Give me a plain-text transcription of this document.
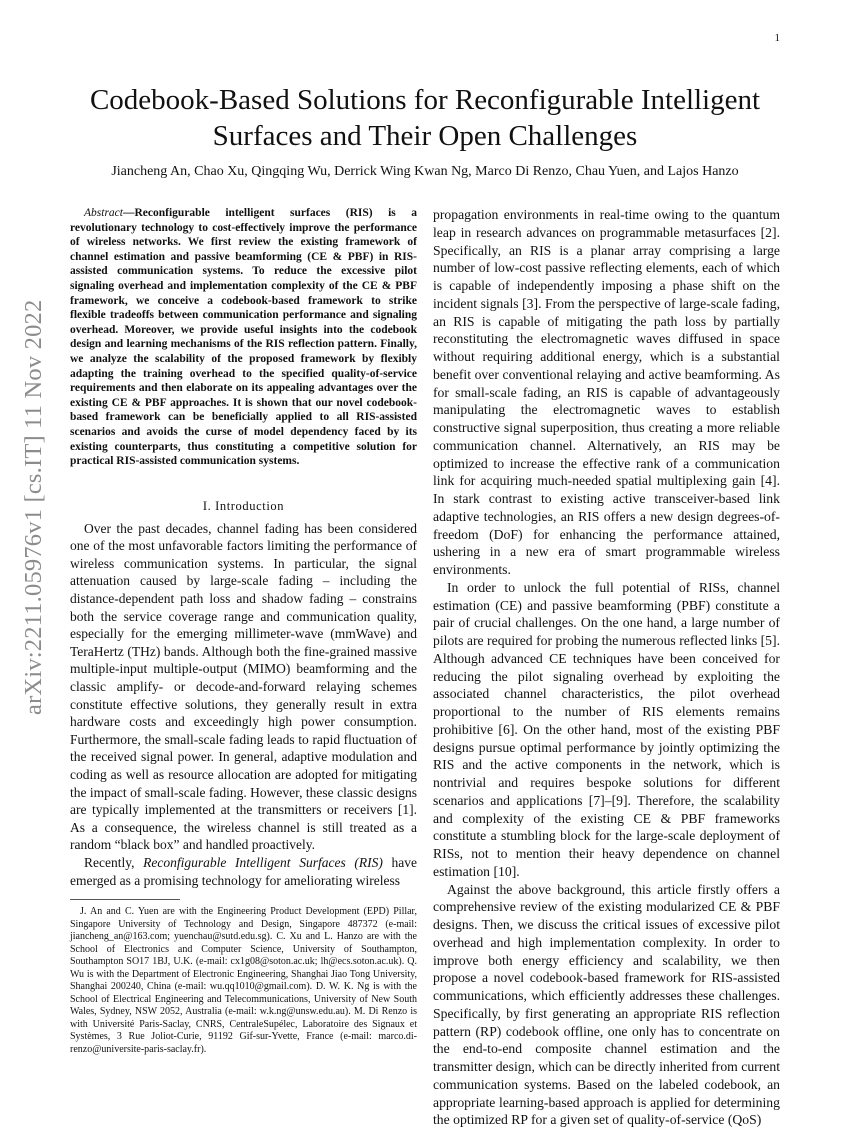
1
arXiv:2211.05976v1 [cs.IT] 11 Nov 2022
Codebook-Based Solutions for Reconfigurable Intelligent Surfaces and Their Open Challenges
Jiancheng An, Chao Xu, Qingqing Wu, Derrick Wing Kwan Ng, Marco Di Renzo, Chau Yuen, and Lajos Hanzo

Abstract—Reconfigurable intelligent surfaces (RIS) is a revolutionary technology to cost-effectively improve the performance of wireless networks. We first review the existing framework of channel estimation and passive beamforming (CE & PBF) in RIS-assisted communication systems. To reduce the excessive pilot signaling overhead and implementation complexity of the CE & PBF framework, we conceive a codebook-based framework to strike flexible tradeoffs between communication performance and signaling overhead. Moreover, we provide useful insights into the codebook design and learning mechanisms of the RIS reflection pattern. Finally, we analyze the scalability of the proposed framework by flexibly adapting the training overhead to the specified quality-of-service requirements and then elaborate on its appealing advantages over the existing CE & PBF approaches. It is shown that our novel codebook-based framework can be beneficially applied to all RIS-assisted scenarios and avoids the curse of model dependency faced by its existing counterparts, thus constituting a competitive solution for practical RIS-assisted communication systems.

I. Introduction

Over the past decades, channel fading has been considered one of the most unfavorable factors limiting the performance of wireless communication systems. In particular, the signal attenuation caused by large-scale fading – including the distance-dependent path loss and shadow fading – constrains both the service coverage range and communication quality, especially for the emerging millimeter-wave (mmWave) and TeraHertz (THz) bands. Although both the fine-grained massive multiple-input multiple-output (MIMO) beamforming and the classic amplify- or decode-and-forward relaying schemes constitute effective solutions, they generally result in extra hardware costs and exceedingly high power consumption. Furthermore, the small-scale fading leads to rapid fluctuation of the received signal power. In general, adaptive modulation and coding as well as resource allocation are adopted for mitigating the impact of small-scale fading. However, these classic designs are typically implemented at the transmitters or receivers [1]. As a consequence, the wireless channel is still treated as a random “black box” and handled proactively.

Recently, Reconfigurable Intelligent Surfaces (RIS) have emerged as a promising technology for ameliorating wireless

J. An and C. Yuen are with the Engineering Product Development (EPD) Pillar, Singapore University of Technology and Design, Singapore 487372 (e-mail: jiancheng_an@163.com; yuenchau@sutd.edu.sg). C. Xu and L. Hanzo are with the School of Electronics and Computer Science, University of Southampton, Southampton SO17 1BJ, U.K. (e-mail: cx1g08@soton.ac.uk; lh@ecs.soton.ac.uk). Q. Wu is with the Department of Electronic Engineering, Shanghai Jiao Tong University, Shanghai 200240, China (e-mail: wu.qq1010@gmail.com). D. W. K. Ng is with the School of Electrical Engineering and Telecommunications, University of New South Wales, Sydney, NSW 2052, Australia (e-mail: w.k.ng@unsw.edu.au). M. Di Renzo is with Université Paris-Saclay, CNRS, CentraleSupélec, Laboratoire des Signaux et Systèmes, 3 Rue Joliot-Curie, 91192 Gif-sur-Yvette, France (e-mail: marco.di-renzo@universite-paris-saclay.fr).

propagation environments in real-time owing to the quantum leap in research advances on programmable metasurfaces [2]. Specifically, an RIS is a planar array comprising a large number of low-cost passive reflecting elements, each of which is capable of independently imposing a phase shift on the incident signals [3]. From the perspective of large-scale fading, an RIS is capable of mitigating the path loss by partially reconstituting the electromagnetic waves diffused in space without requiring additional energy, which is a substantial benefit over conventional relaying and active beamforming. As for small-scale fading, an RIS is capable of advantageously manipulating the electromagnetic waves to establish constructive signal superposition, thus creating a more reliable communication channel. Alternatively, an RIS may be optimized to increase the effective rank of a communication link for acquiring much-needed spatial multiplexing gain [4]. In stark contrast to existing active transceiver-based link adaptive technologies, an RIS offers a new design degrees-of-freedom (DoF) for enhancing the performance attained, ushering in a new era of smart programmable wireless environments.

In order to unlock the full potential of RISs, channel estimation (CE) and passive beamforming (PBF) constitute a pair of crucial challenges. On the one hand, a large number of pilots are required for probing the numerous reflected links [5]. Although advanced CE techniques have been conceived for reducing the pilot signaling overhead by exploiting the associated channel characteristics, the pilot overhead proportional to the number of RIS elements remains prohibitive [6]. On the other hand, most of the existing PBF designs pursue optimal performance by jointly optimizing the RIS and the active components in the network, which is nontrivial and requires bespoke solutions for different scenarios and applications [7]–[9]. Therefore, the scalability and complexity of the existing CE & PBF frameworks constitute a stumbling block for the large-scale deployment of RISs, not to mention their heavy dependence on channel estimation [10].

Against the above background, this article firstly offers a comprehensive review of the existing modularized CE & PBF designs. Then, we discuss the critical issues of excessive pilot overhead and high implementation complexity. In order to improve both energy efficiency and scalability, we then propose a novel codebook-based framework for RIS-assisted communications, which efficiently addresses these challenges. Specifically, by first generating an appropriate RIS reflection pattern (RP) codebook offline, one only has to concentrate on the end-to-end composite channel estimation and the transmitter design, which can be directly inherited from current communication systems. Based on the labeled codebook, an appropriate learning-based approach is applied for determining the optimized RP for a given set of quality-of-service (QoS)
